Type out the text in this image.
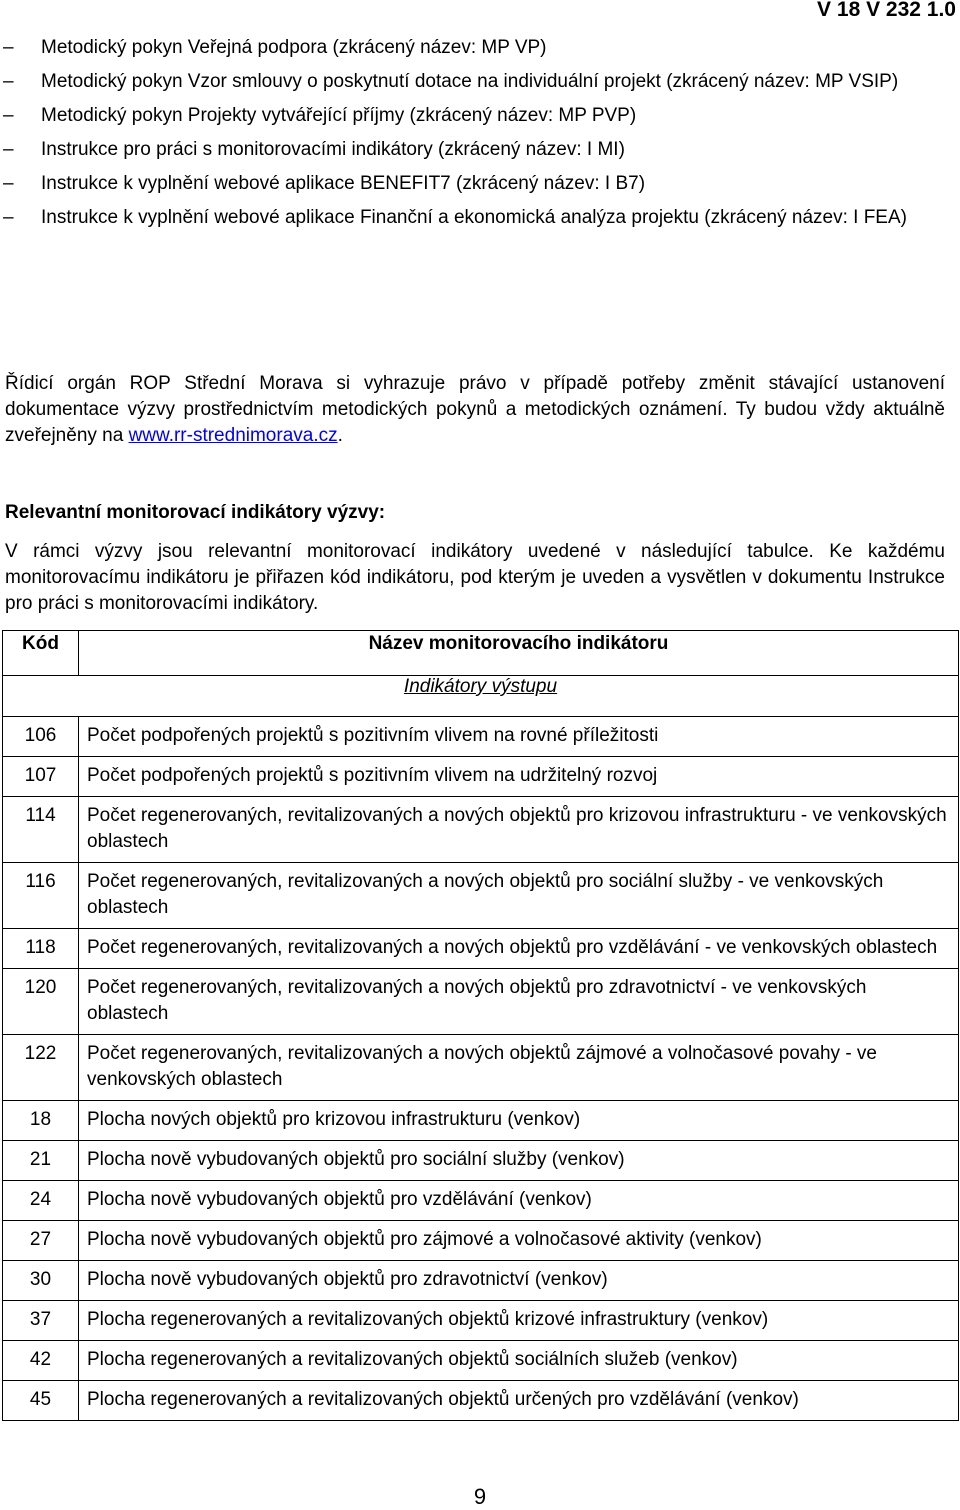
V 18 V 232 1.0
–	Metodický pokyn Veřejná podpora (zkrácený název: MP VP)
–	Metodický pokyn Vzor smlouvy o poskytnutí dotace na individuální projekt (zkrácený název: MP VSIP)
–	Metodický pokyn Projekty vytvářející příjmy (zkrácený název: MP PVP)
–	Instrukce pro práci s monitorovacími indikátory (zkrácený název: I MI)
–	Instrukce k vyplnění webové aplikace BENEFIT7 (zkrácený název: I B7)
–	Instrukce k vyplnění webové aplikace Finanční a ekonomická analýza projektu (zkrácený název: I FEA)
Řídicí orgán ROP Střední Morava si vyhrazuje právo v případě potřeby změnit stávající ustanovení dokumentace výzvy prostřednictvím metodických pokynů a metodických oznámení. Ty budou vždy aktuálně zveřejněny na www.rr-strednimorava.cz.
Relevantní monitorovací indikátory výzvy:
V rámci výzvy jsou relevantní monitorovací indikátory uvedené v následující tabulce. Ke každému monitorovacímu indikátoru je přiřazen kód indikátoru, pod kterým je uveden a vysvětlen v dokumentu Instrukce pro práci s monitorovacími indikátory.
Kód	Název monitorovacího indikátoru
Indikátory výstupu	
106	Počet podpořených projektů s pozitivním vlivem na rovné příležitosti
107	Počet podpořených projektů s pozitivním vlivem na udržitelný rozvoj
114	Počet regenerovaných, revitalizovaných a nových objektů pro krizovou infrastrukturu - ve venkovských oblastech
116	Počet regenerovaných, revitalizovaných a nových objektů pro sociální služby - ve venkovských oblastech
118	Počet regenerovaných, revitalizovaných a nových objektů pro vzdělávání - ve venkovských oblastech
120	Počet regenerovaných, revitalizovaných a nových objektů pro zdravotnictví - ve venkovských oblastech
122	Počet regenerovaných, revitalizovaných a nových objektů zájmové a volnočasové povahy - ve venkovských oblastech
18	Plocha nových objektů pro krizovou infrastrukturu (venkov)
21	Plocha nově vybudovaných objektů pro sociální služby (venkov)
24	Plocha nově vybudovaných objektů pro vzdělávání (venkov)
27	Plocha nově vybudovaných objektů pro zájmové a volnočasové aktivity (venkov)
30	Plocha nově vybudovaných objektů pro zdravotnictví (venkov)
37	Plocha regenerovaných a revitalizovaných objektů krizové infrastruktury (venkov)
42	Plocha regenerovaných a revitalizovaných objektů sociálních služeb (venkov)
45	Plocha regenerovaných a revitalizovaných objektů určených pro vzdělávání (venkov)
9
